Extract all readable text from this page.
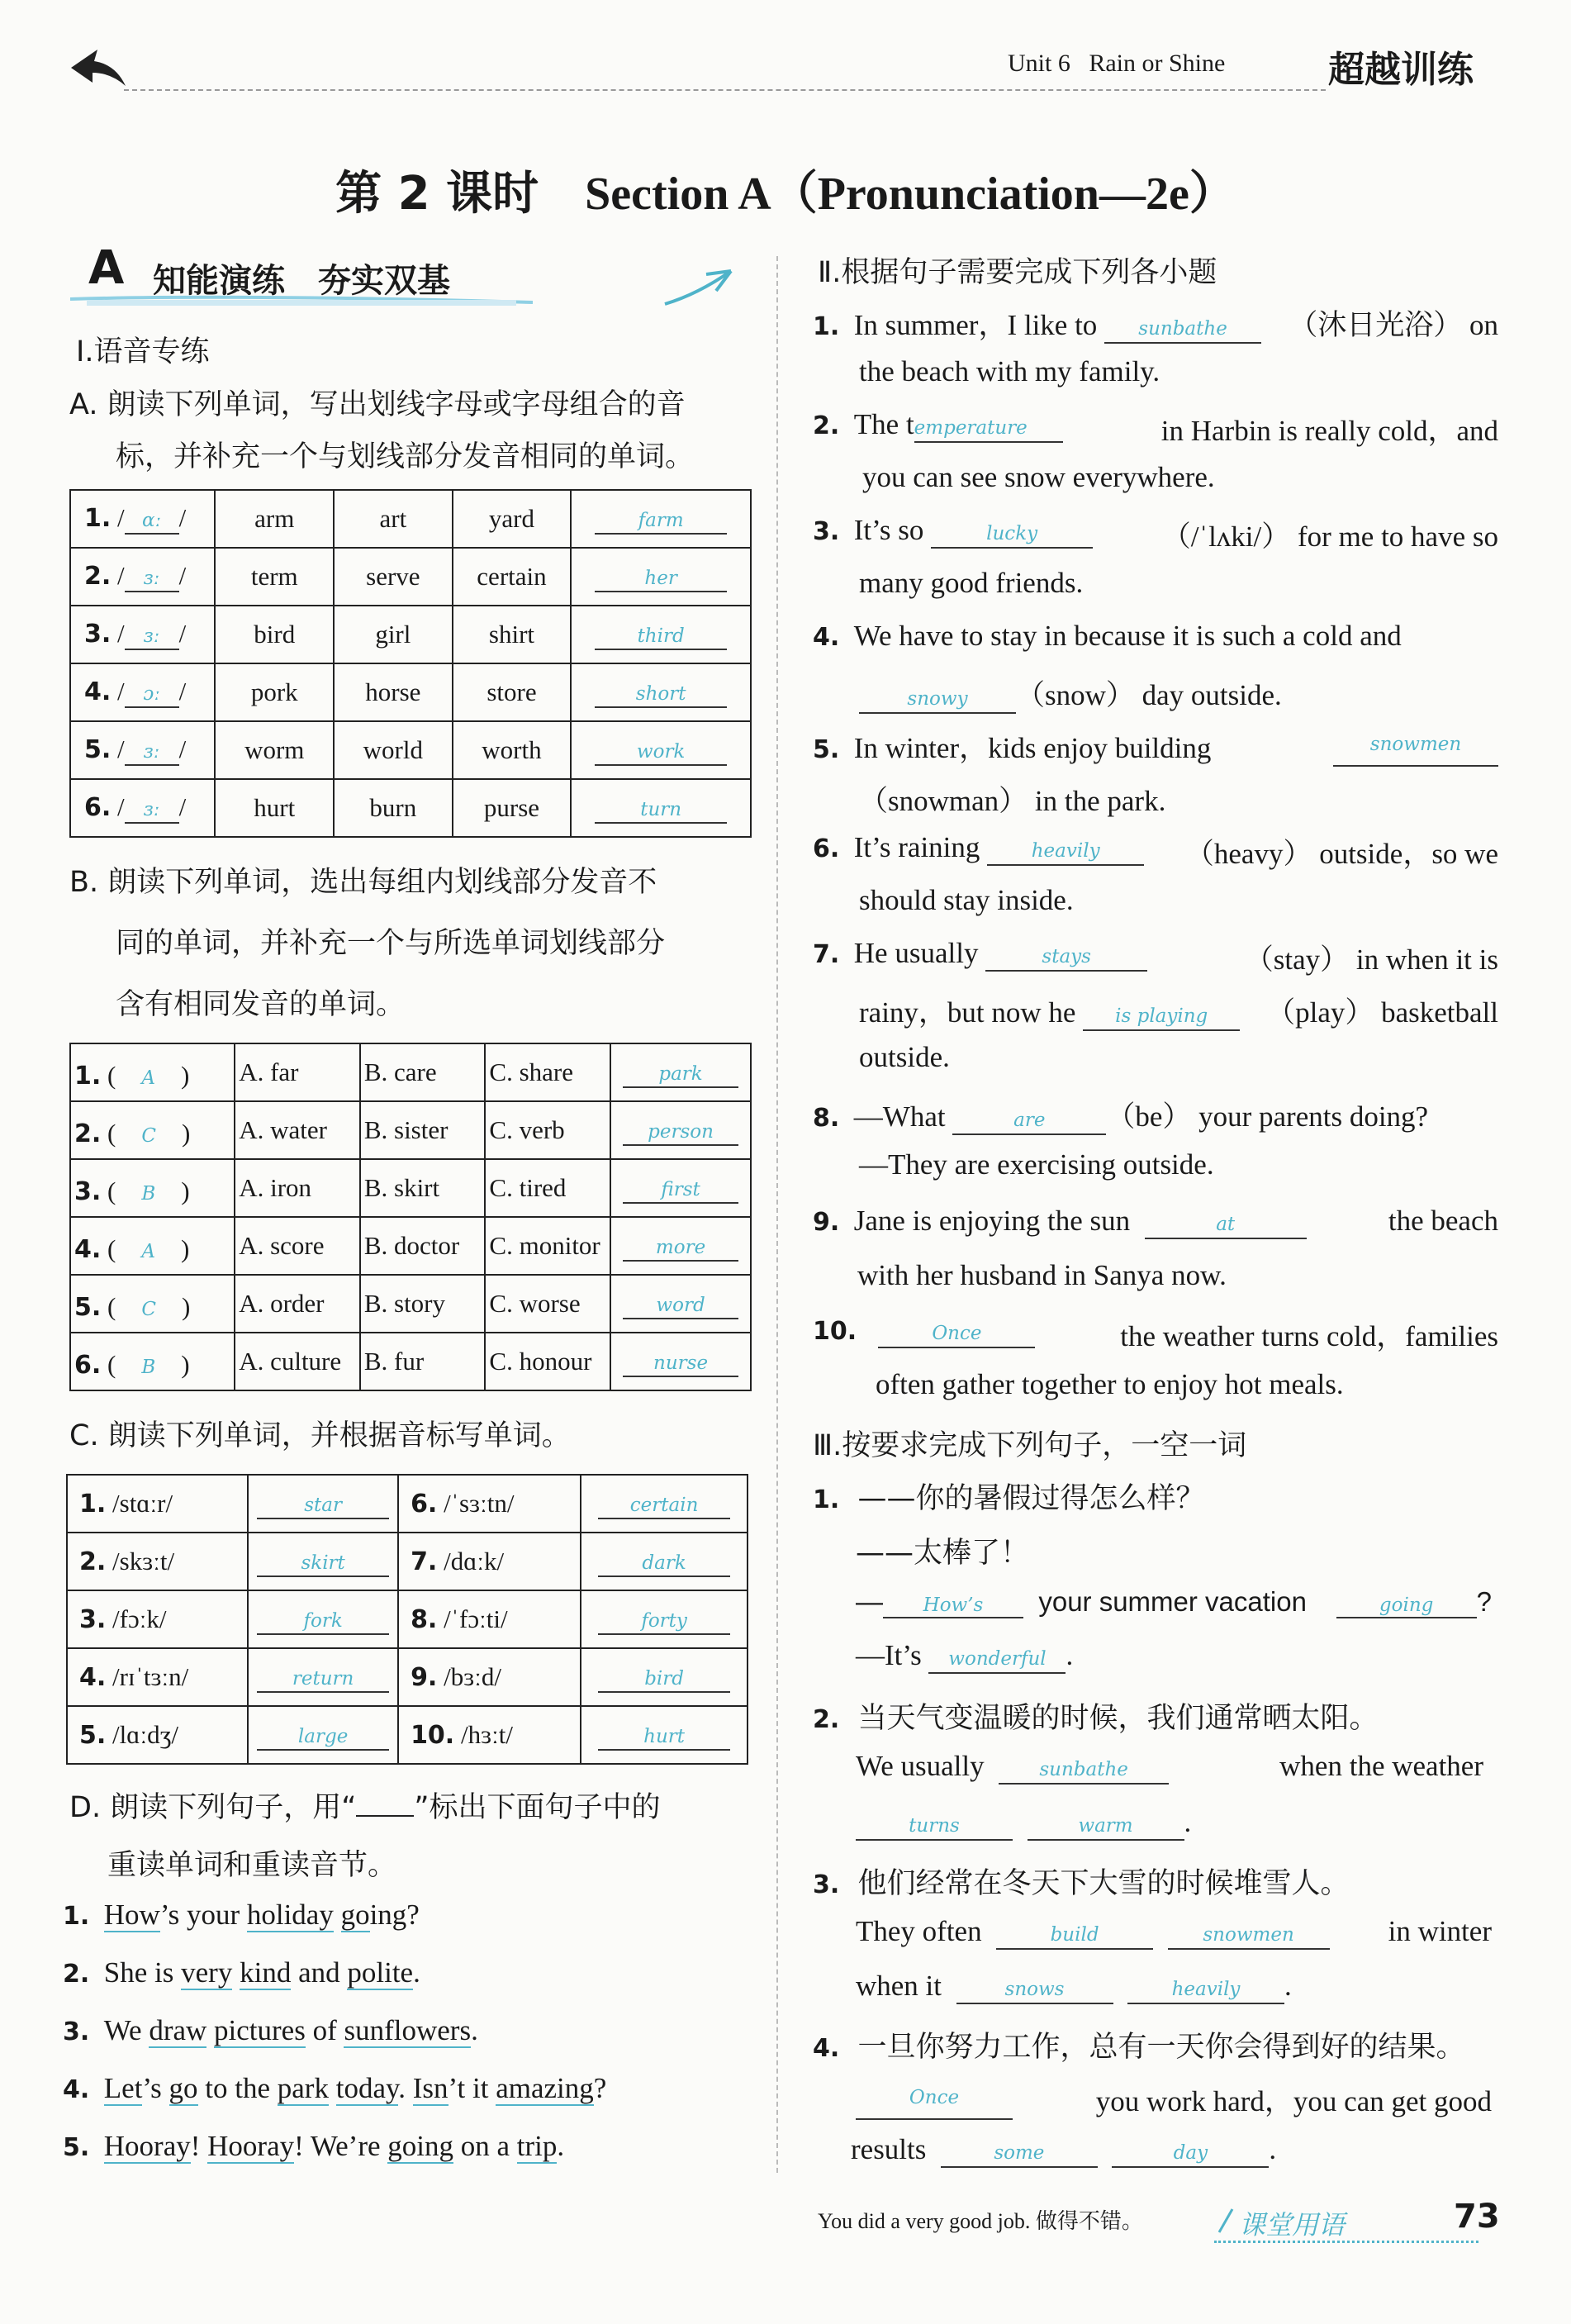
Unit 6 Rain or Shine	超越训练
第 2 课时 Section A（Pronunciation—2e）
A 知能演练　夯实双基
Ⅰ.语音专练
A. 朗读下列单词，写出划线字母或字母组合的音
标，并补充一个与划线部分发音相同的单词。
1. / ɑː /	arm	art	yard	farm
2. / ɜː /	term	serve	certain	her
3. / ɜː /	bird	girl	shirt	third
4. / ɔː /	pork	horse	store	short
5. / ɜː /	worm	world	worth	work
6. / ɜː /	hurt	burn	purse	turn
B. 朗读下列单词，选出每组内划线部分发音不
同的单词，并补充一个与所选单词划线部分
含有相同发音的单词。
1. (　A　)	A. far	B. care	C. share	park
2. (　C　)	A. water	B. sister	C. verb	person
3. (　B　)	A. iron	B. skirt	C. tired	first
4. (　A　)	A. score	B. doctor	C. monitor	more
5. (　C　)	A. order	B. story	C. worse	word
6. (　B　)	A. culture	B. fur	C. honour	nurse
C. 朗读下列单词，并根据音标写单词。
1. /stɑːr/	star	6. /ˈsɜːtn/	certain
2. /skɜːt/	skirt	7. /dɑːk/	dark
3. /fɔːk/	fork	8. /ˈfɔːti/	forty
4. /rɪˈtɜːn/	return	9. /bɜːd/	bird
5. /lɑːdʒ/	large	10. /hɜːt/	hurt
D. 朗读下列句子，用“ ”标出下面句子中的
重读单词和重读音节。
1. How’s your holiday going?
2. She is very kind and polite.
3. We draw pictures of sunflowers.
4. Let’s go to the park today. Isn’t it amazing?
5. Hooray! Hooray! We’re going on a trip.
Ⅱ.根据句子需要完成下列各小题
1. In summer，I like to sunbathe	（沐日光浴） on
the beach with my family.
2. The temperature	in Harbin is really cold，and
you can see snow everywhere.
3. It’s so	lucky	（/ˈlʌki/） for me to have so
many good friends.
4. We have to stay in because it is such a cold and
snowy （snow） day outside.
5. In winter，kids enjoy building	snowmen
（snowman） in the park.
6. It’s raining	heavily	（heavy） outside，so we
should stay inside.
7. He usually	stays	（stay） in when it is
rainy，but now he is playing	（play） basketball
outside.
8. —What	are （be） your parents doing?
—They are exercising outside.
9. Jane is enjoying the sun	at	the beach
with her husband in Sanya now.
10.	Once	the weather turns cold，families
often gather together to enjoy hot meals.
Ⅲ.按要求完成下列句子，一空一词
1. ——你的暑假过得怎么样？
——太棒了！
— How’s your summer vacation	going ?
—It’s wonderful .
2. 当天气变温暖的时候，我们通常晒太阳。
We usually	sunbathe	when the weather
turns	warm .
3. 他们经常在冬天下大雪的时候堆雪人。
They often	build	snowmen	in winter
when it	snows	heavily .
4. 一旦你努力工作，总有一天你会得到好的结果。
Once	you work hard，you can get good
results	some	day .
You did a very good job. 做得不错。	课堂用语	73
